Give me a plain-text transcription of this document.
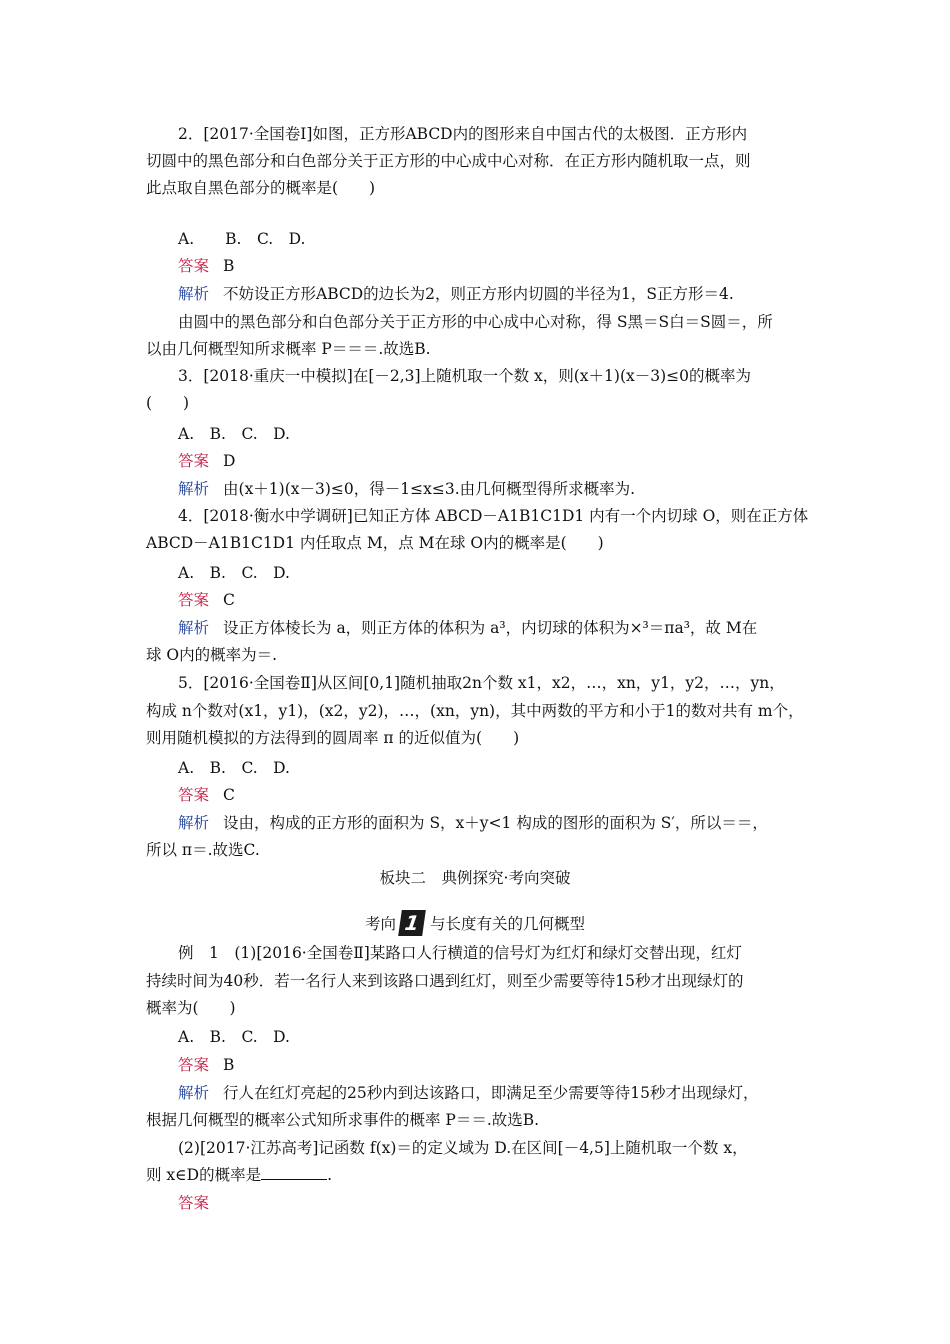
2．[2017·全国卷Ⅰ]如图，正方形ABCD内的图形来自中国古代的太极图．正方形内
切圆中的黑色部分和白色部分关于正方形的中心成中心对称．在正方形内随机取一点，则
此点取自黑色部分的概率是(　　)
A.　　B.　C.　D.
答案 B
解析 不妨设正方形ABCD的边长为2，则正方形内切圆的半径为1，S正方形＝4.
由圆中的黑色部分和白色部分关于正方形的中心成中心对称，得 S黑＝S白＝S圆＝，所
以由几何概型知所求概率 P＝＝＝.故选B.
3．[2018·重庆一中模拟]在[－2,3]上随机取一个数 x，则(x＋1)(x－3)≤0的概率为
(　　)
A.　B.　C.　D.
答案 D
解析 由(x＋1)(x－3)≤0，得－1≤x≤3.由几何概型得所求概率为.
4．[2018·衡水中学调研]已知正方体 ABCD－A1B1C1D1 内有一个内切球 O，则在正方体
ABCD－A1B1C1D1 内任取点 M，点 M在球 O内的概率是(　　)
A.　B.　C.　D.
答案 C
解析 设正方体棱长为 a，则正方体的体积为 a³，内切球的体积为×³＝πa³，故 M在
球 O内的概率为＝.
5．[2016·全国卷Ⅱ]从区间[0,1]随机抽取2n个数 x1，x2，…，xn，y1，y2，…，yn，
构成 n个数对(x1，y1)，(x2，y2)，…，(xn，yn)，其中两数的平方和小于1的数对共有 m个，
则用随机模拟的方法得到的圆周率 π 的近似值为(　　)
A.　B.　C.　D.
答案 C
解析 设由，构成的正方形的面积为 S，x＋y<1 构成的图形的面积为 S′，所以＝＝，
所以 π＝.故选C.
板块二　典例探究·考向突破
考向 1 与长度有关的几何概型
例　1　(1)[2016·全国卷Ⅱ]某路口人行横道的信号灯为红灯和绿灯交替出现，红灯
持续时间为40秒．若一名行人来到该路口遇到红灯，则至少需要等待15秒才出现绿灯的
概率为(　　)
A.　B.　C.　D.
答案 B
解析 行人在红灯亮起的25秒内到达该路口，即满足至少需要等待15秒才出现绿灯，
根据几何概型的概率公式知所求事件的概率 P＝＝.故选B.
(2)[2017·江苏高考]记函数 f(x)＝的定义域为 D.在区间[－4,5]上随机取一个数 x，
则 x∈D的概率是	.
答案
